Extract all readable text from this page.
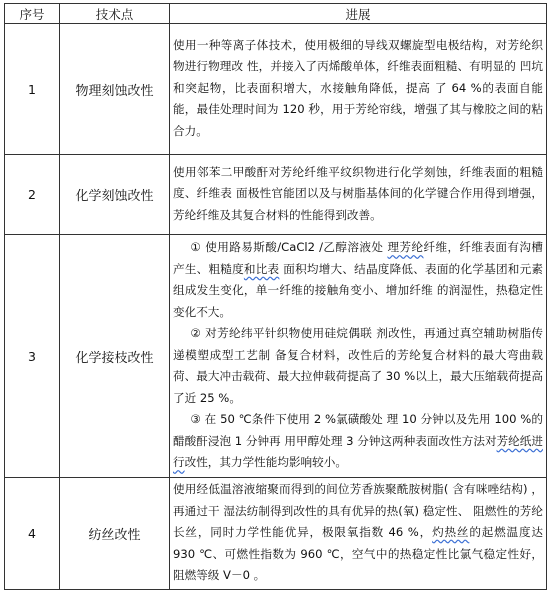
序号	技术点	进展
1	物理刻蚀改性	使用一种等离子体技术，使用极细的导线双螺旋型电极结构，对芳纶织物进行物理改 性，并接入了丙烯酸单体，纤维表面粗糙、有明显的 凹坑和突起物，比表面积增大，水接触角降低，提高 了 64 %的表面自能能，最佳处理时间为 120 秒，用于芳纶帘线，增强了其与橡胶之间的粘合力。
2	化学刻蚀改性	使用邻苯二甲酸酐对芳纶纤维平纹织物进行化学刻蚀，纤维表面的粗糙度、纤维表 面极性官能团以及与树脂基体间的化学键合作用得到增强，芳纶纤维及其复合材料的性能得到改善。
3	化学接枝改性	① 使用路易斯酸/CaCl2 /乙醇溶液处 理芳纶纤维，纤维表面有沟槽产生、粗糙度和比表 面积均增大、结晶度降低、表面的化学基团和元素 组成发生变化，单一纤维的接触角变小、增加纤维 的润湿性，热稳定性变化不大。
② 对芳纶纬平针织物使用硅烷偶联 剂改性，再通过真空辅助树脂传递模塑成型工艺制 备复合材料，改性后的芳纶复合材料的最大弯曲载 荷、最大冲击载荷、最大拉伸载荷提高了 30 %以上，最大压缩载荷提高了近 25 %。
③ 在 50 ℃条件下使用 2 %氯磺酸处 理 10 分钟以及先用 100 %的醋酸酐浸泡 1 分钟再 用甲醇处理 3 分钟这两种表面改性方法对芳纶纸进行改性，其力学性能均影响较小。

4	纺丝改性	使用经低温溶液缩聚而得到的间位芳香族聚酰胺树脂( 含有咪唑结构) ，再通过干 湿法纺制得到改性的具有优异的热(氧) 稳定性、 阻燃性的芳纶长丝，同时力学性能优异，极限氧指数 46 %，灼热丝的起燃温度达 930 ℃、可燃性指数为 960 ℃，空气中的热稳定性比氯气稳定性好，阻燃等级 V－0 。
